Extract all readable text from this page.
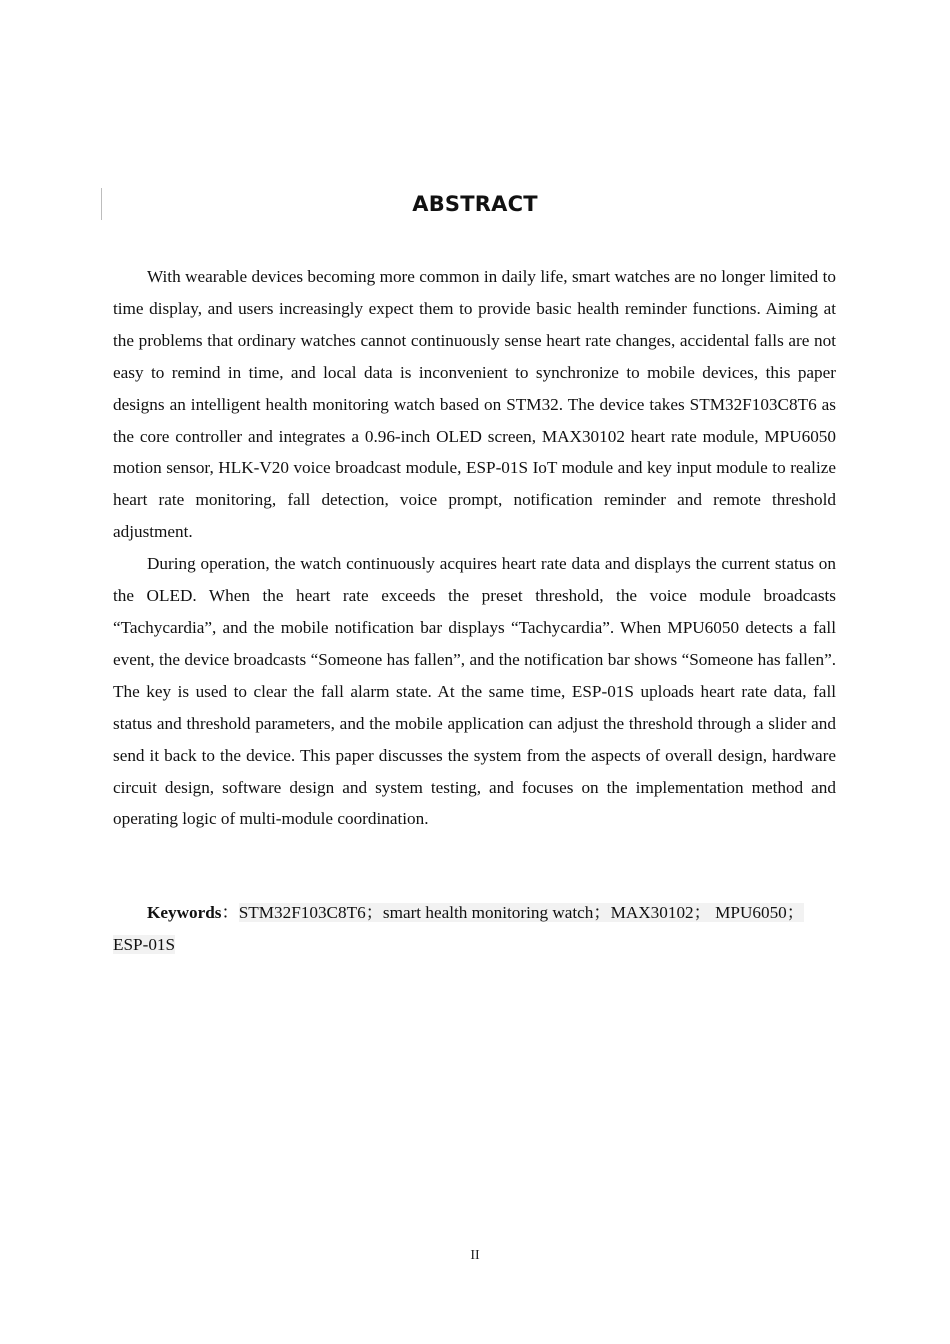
ABSTRACT

With wearable devices becoming more common in daily life, smart watches are no longer limited to time display, and users increasingly expect them to provide basic health reminder functions. Aiming at the problems that ordinary watches cannot continuously sense heart rate changes, accidental falls are not easy to remind in time, and local data is inconvenient to synchronize to mobile devices, this paper designs an intelligent health monitoring watch based on STM32. The device takes STM32F103C8T6 as the core controller and integrates a 0.96-inch OLED screen, MAX30102 heart rate module, MPU6050 motion sensor, HLK-V20 voice broadcast module, ESP-01S IoT module and key input module to realize heart rate monitoring, fall detection, voice prompt, notification reminder and remote threshold adjustment.

During operation, the watch continuously acquires heart rate data and displays the current status on the OLED. When the heart rate exceeds the preset threshold, the voice module broadcasts “Tachycardia”, and the mobile notification bar displays “Tachycardia”. When MPU6050 detects a fall event, the device broadcasts “Someone has fallen”, and the notification bar shows “Someone has fallen”. The key is used to clear the fall alarm state. At the same time, ESP-01S uploads heart rate data, fall status and threshold parameters, and the mobile application can adjust the threshold through a slider and send it back to the device. This paper discusses the system from the aspects of overall design, hardware circuit design, software design and system testing, and focuses on the implementation method and operating logic of multi-module coordination.

Keywords：STM32F103C8T6；smart health monitoring watch；MAX30102； MPU6050；ESP-01S
II
